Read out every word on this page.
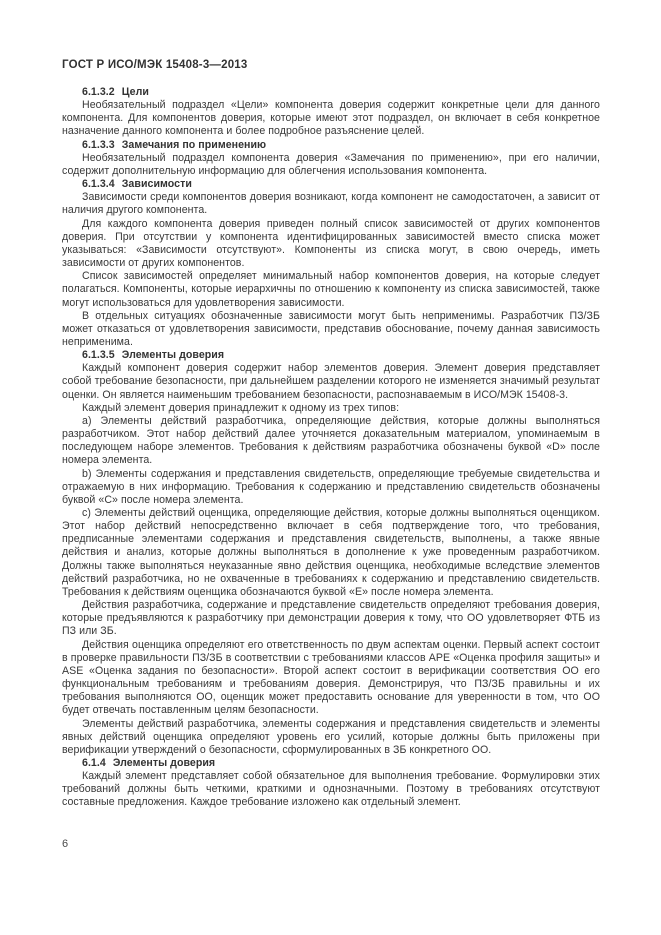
ГОСТ Р ИСО/МЭК 15408-3—2013

6.1.3.2 Цели

Необязательный подраздел «Цели» компонента доверия содержит конкретные цели для данного компонента. Для компонентов доверия, которые имеют этот подраздел, он включает в себя конкретное назначение данного компонента и более подробное разъяснение целей.

6.1.3.3 Замечания по применению

Необязательный подраздел компонента доверия «Замечания по применению», при его наличии, содержит дополнительную информацию для облегчения использования компонента.

6.1.3.4 Зависимости

Зависимости среди компонентов доверия возникают, когда компонент не самодостаточен, а зависит от наличия другого компонента.

Для каждого компонента доверия приведен полный список зависимостей от других компонентов доверия. При отсутствии у компонента идентифицированных зависимостей вместо списка может указываться: «Зависимости отсутствуют». Компоненты из списка могут, в свою очередь, иметь зависимости от других компонентов.

Список зависимостей определяет минимальный набор компонентов доверия, на которые следует полагаться. Компоненты, которые иерархичны по отношению к компоненту из списка зависимостей, также могут использоваться для удовлетворения зависимости.

В отдельных ситуациях обозначенные зависимости могут быть неприменимы. Разработчик ПЗ/ЗБ может отказаться от удовлетворения зависимости, представив обоснование, почему данная зависимость неприменима.

6.1.3.5 Элементы доверия

Каждый компонент доверия содержит набор элементов доверия. Элемент доверия представляет собой требование безопасности, при дальнейшем разделении которого не изменяется значимый результат оценки. Он является наименьшим требованием безопасности, распознаваемым в ИСО/МЭК 15408-3.

Каждый элемент доверия принадлежит к одному из трех типов:

a) Элементы действий разработчика, определяющие действия, которые должны выполняться разработчиком. Этот набор действий далее уточняется доказательным материалом, упоминаемым в последующем наборе элементов. Требования к действиям разработчика обозначены буквой «D» после номера элемента.

b) Элементы содержания и представления свидетельств, определяющие требуемые свидетельства и отражаемую в них информацию. Требования к содержанию и представлению свидетельств обозначены буквой «C» после номера элемента.

c) Элементы действий оценщика, определяющие действия, которые должны выполняться оценщиком. Этот набор действий непосредственно включает в себя подтверждение того, что требования, предписанные элементами содержания и представления свидетельств, выполнены, а также явные действия и анализ, которые должны выполняться в дополнение к уже проведенным разработчиком. Должны также выполняться неуказанные явно действия оценщика, необходимые вследствие элементов действий разработчика, но не охваченные в требованиях к содержанию и представлению свидетельств. Требования к действиям оценщика обозначаются буквой «E» после номера элемента.

Действия разработчика, содержание и представление свидетельств определяют требования доверия, которые предъявляются к разработчику при демонстрации доверия к тому, что ОО удовлетворяет ФТБ из ПЗ или ЗБ.

Действия оценщика определяют его ответственность по двум аспектам оценки. Первый аспект состоит в проверке правильности ПЗ/ЗБ в соответствии с требованиями классов APE «Оценка профиля защиты» и ASE «Оценка задания по безопасности». Второй аспект состоит в верификации соответствия ОО его функциональным требованиям и требованиям доверия. Демонстрируя, что ПЗ/ЗБ правильны и их требования выполняются ОО, оценщик может предоставить основание для уверенности в том, что ОО будет отвечать поставленным целям безопасности.

Элементы действий разработчика, элементы содержания и представления свидетельств и элементы явных действий оценщика определяют уровень его усилий, которые должны быть приложены при верификации утверждений о безопасности, сформулированных в ЗБ конкретного ОО.

6.1.4 Элементы доверия

Каждый элемент представляет собой обязательное для выполнения требование. Формулировки этих требований должны быть четкими, краткими и однозначными. Поэтому в требованиях отсутствуют составные предложения. Каждое требование изложено как отдельный элемент.

6
